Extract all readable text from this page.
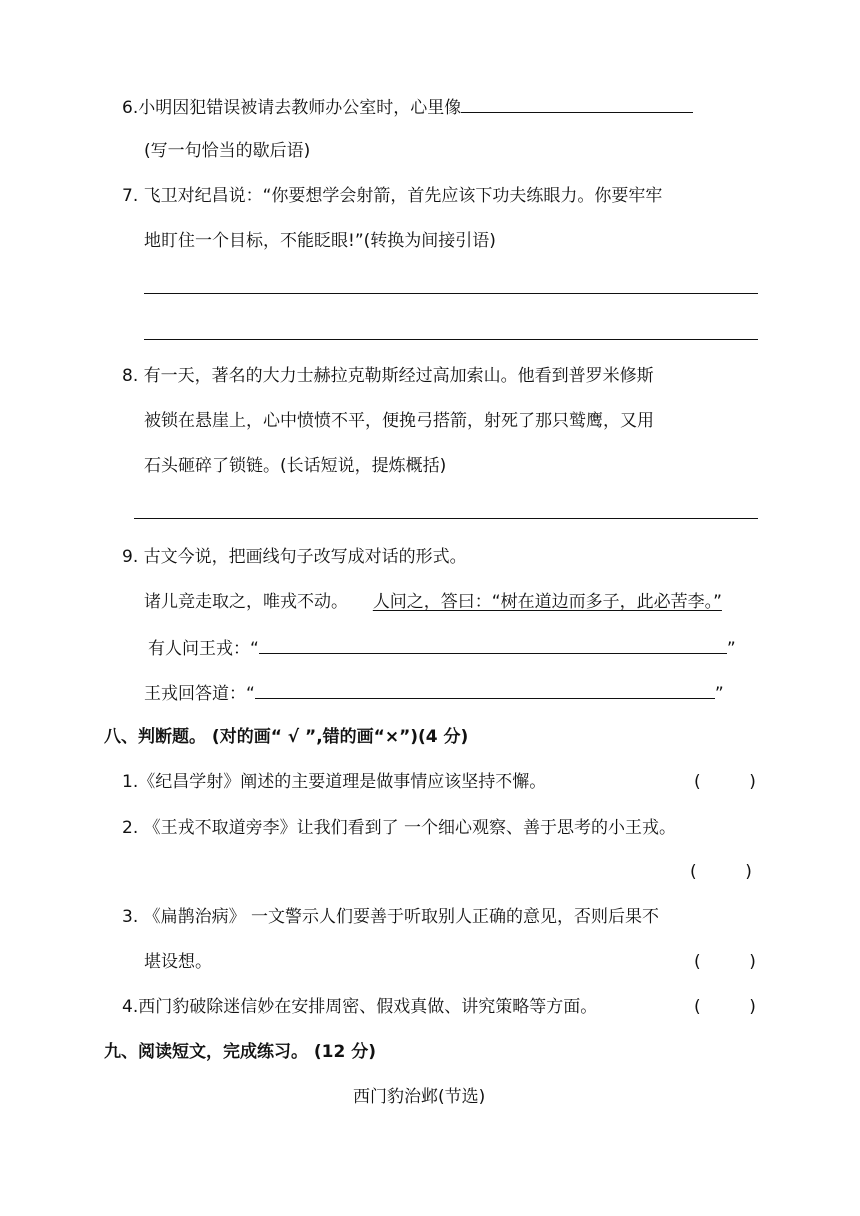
6.小明因犯错误被请去教师办公室时，心里像
(写一句恰当的歇后语)
7. 飞卫对纪昌说：“你要想学会射箭，首先应该下功夫练眼力。你要牢牢
地盯住一个目标，不能眨眼!”(转换为间接引语)
8. 有一天，著名的大力士赫拉克勒斯经过高加索山。他看到普罗米修斯
被锁在悬崖上，心中愤愤不平，便挽弓搭箭，射死了那只鹫鹰，又用
石头砸碎了锁链。(长话短说，提炼概括)
9. 古文今说，把画线句子改写成对话的形式。
诸儿竞走取之，唯戎不动。 人问之，答曰：“树在道边而多子，此必苦李。”
有人问王戎：“	”
王戎回答道：“	”
八、判断题。 (对的画“ √ ”,错的画“×”)(4 分)
1.《纪昌学射》阐述的主要道理是做事情应该坚持不懈。	(         )
2. 《王戎不取道旁李》让我们看到了 一个细心观察、善于思考的小王戎。
(         )
3. 《扁鹊治病》 一文警示人们要善于听取别人正确的意见，否则后果不
堪设想。	(         )
4.西门豹破除迷信妙在安排周密、假戏真做、讲究策略等方面。	(         )
九、阅读短文，完成练习。 (12 分)
西门豹治邺(节选)
